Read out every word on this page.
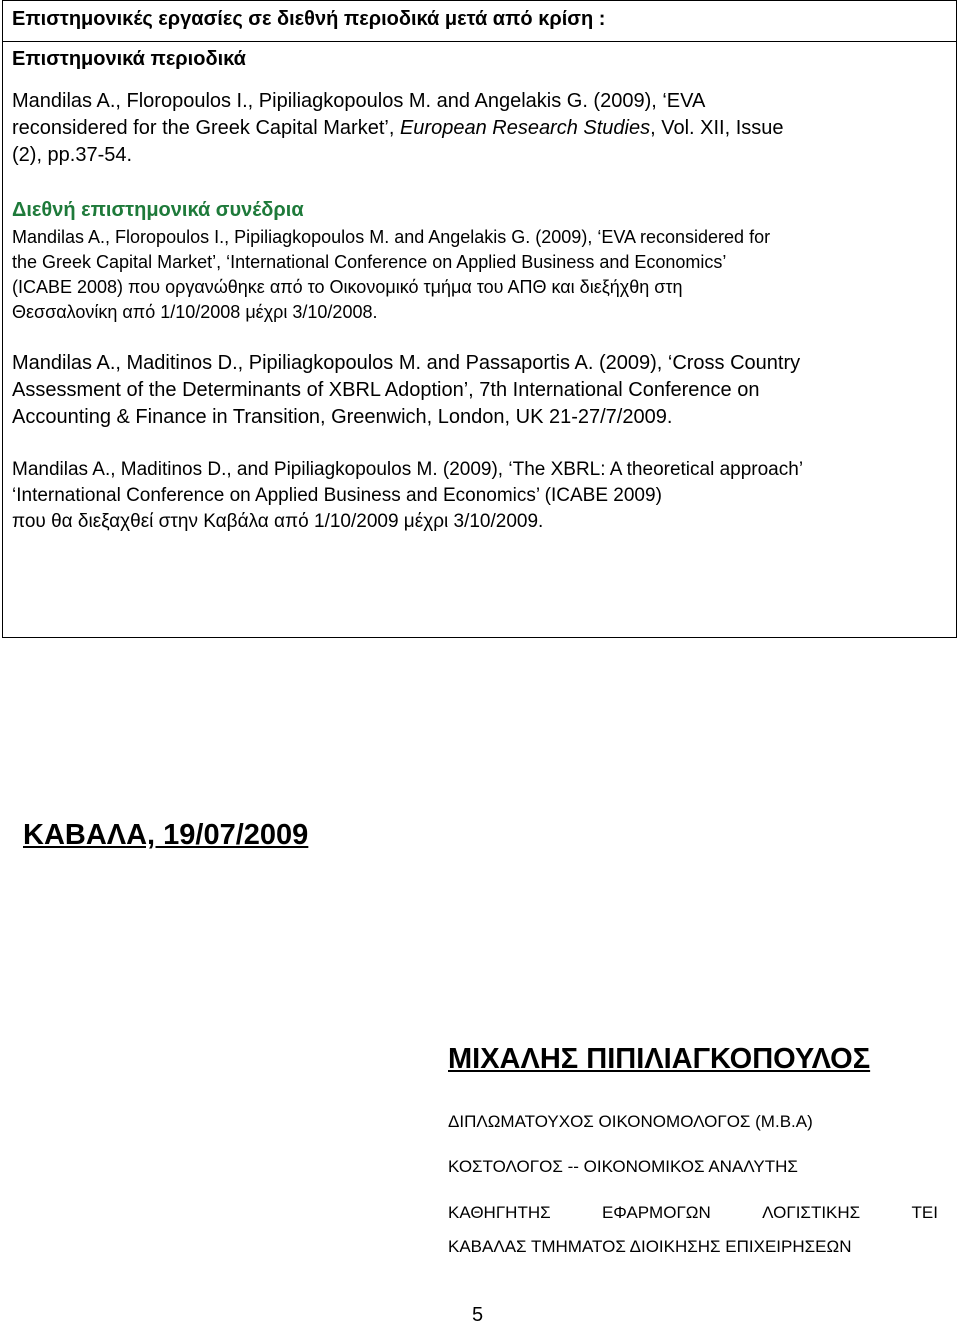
Επιστημονικές εργασίες σε διεθνή περιοδικά μετά από κρίση :
Επιστημονικά περιοδικά
Mandilas A., Floropoulos I., Pipiliagkopoulos M. and Angelakis G. (2009), ‘EVA
reconsidered for the Greek Capital Market’, European Research Studies, Vol. XII, Issue
(2), pp.37-54.
Διεθνή επιστημονικά συνέδρια
Mandilas A., Floropoulos I., Pipiliagkopoulos M. and Angelakis G. (2009), ‘EVA reconsidered for
the Greek Capital Market’, ‘International Conference on Applied Business and Economics’
(ICABE 2008) που οργανώθηκε από το Οικονομικό τμήμα του ΑΠΘ και διεξήχθη στη
Θεσσαλονίκη από 1/10/2008 μέχρι 3/10/2008.
Mandilas A., Maditinos D., Pipiliagkopoulos M. and Passaportis A. (2009), ‘Cross Country
Assessment of the Determinants of XBRL Adoption’, 7th International Conference on
Accounting & Finance in Transition, Greenwich, London, UK 21-27/7/2009.
Mandilas A., Maditinos D., and Pipiliagkopoulos M. (2009), ‘The XBRL: A theoretical approach’
‘International Conference on Applied Business and Economics’ (ICABE 2009)
που θα διεξαχθεί στην Καβάλα από 1/10/2009 μέχρι 3/10/2009.
ΚΑΒΑΛΑ, 19/07/2009
ΜΙΧΑΛΗΣ ΠΙΠΙΛΙΑΓΚΟΠΟΥΛΟΣ
ΔΙΠΛΩΜΑΤΟΥΧΟΣ ΟΙΚΟΝΟΜΟΛΟΓΟΣ (Μ.Β.Α)
ΚΟΣΤΟΛΟΓΟΣ -- ΟΙΚΟΝΟΜΙΚΟΣ ΑΝΑΛΥΤΗΣ
ΚΑΘΗΓΗΤΗΣ	ΕΦΑΡΜΟΓΩΝ	ΛΟΓΙΣΤΙΚΗΣ	ΤΕΙ
ΚΑΒΑΛΑΣ ΤΜΗΜΑΤΟΣ ΔΙΟΙΚΗΣΗΣ ΕΠΙΧΕΙΡΗΣΕΩΝ
5
